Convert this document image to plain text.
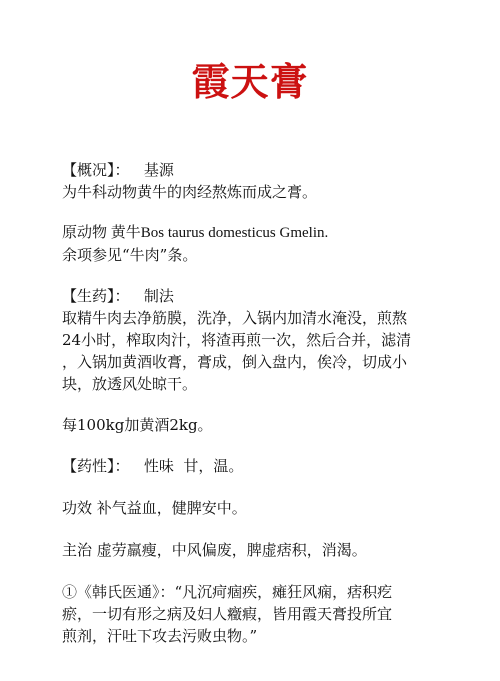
霞天膏

【概况】： 基源
为牛科动物黄牛的肉经熬炼而成之膏。

原动物 黄牛Bos taurus domesticus Gmelin.
余项参见“牛肉”条。

【生药】： 制法
取精牛肉去净筋膜，洗净，入锅内加清水淹没，煎熬
24小时，榨取肉汁，将渣再煎一次，然后合并，滤清
，入锅加黄酒收膏，膏成，倒入盘内，俟冷，切成小
块，放透风处晾干。

每100kg加黄酒2kg。

【药性】： 性味 甘，温。

功效 补气益血，健脾安中。

主治 虚劳羸瘦，中风偏废，脾虚痞积，消渴。

①《韩氏医通》：“凡沉疴痼疾，瘫狂风痫，痞积疙
瘀，一切有形之病及妇人癥瘕，皆用霞天膏投所宜
煎剂，汗吐下攻去污败虫物。”
